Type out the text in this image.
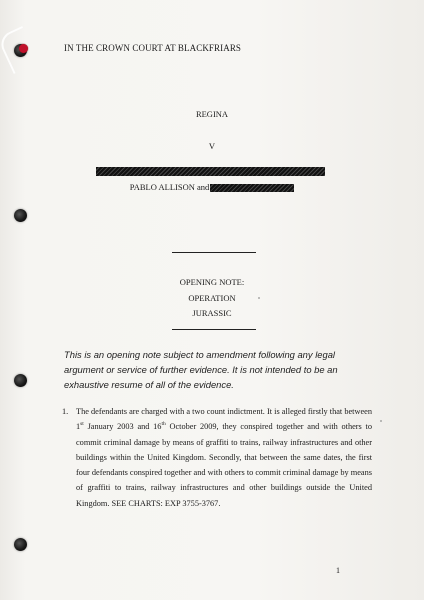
IN THE CROWN COURT AT BLACKFRIARS
REGINA
V
PABLO ALLISON and
OPENING NOTE:
OPERATION
JURASSIC
This is an opening note subject to amendment following any legal argument or service of further evidence. It is not intended to be an exhaustive resume of all of the evidence.
1. The defendants are charged with a two count indictment. It is alleged firstly that between 1st January 2003 and 16th October 2009, they conspired together and with others to commit criminal damage by means of graffiti to trains, railway infrastructures and other buildings within the United Kingdom. Secondly, that between the same dates, the first four defendants conspired together and with others to commit criminal damage by means of graffiti to trains, railway infrastructures and other buildings outside the United Kingdom. SEE CHARTS: EXP 3755-3767.
1
